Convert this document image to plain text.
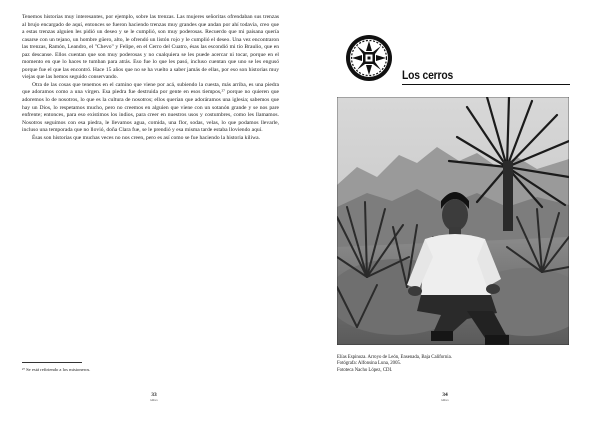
Tenemos historias muy interesantes, por ejemplo, sobre las trenzas. Las mujeres señoritas ofrendaban sus trenzas al brujo encargado de aquí, entonces se fueron haciendo trenzas muy grandes que andan por ahí todavía, creo que a estas trenzas alguien les pidió un deseo y se le cumplió, son muy poderosas. Recuerdo que mi paisana quería casarse con un tejano, un hombre güero, alto, le ofrendó un listón rojo y le cumplió el deseo. Una vez encontraron las trenzas, Ramón, Leandro, el "Chevo" y Felipe, en el Cerro del Cuatro, ésas las escondió mi tío Braulio, que en paz descanse. Ellos cuentan que son muy poderosas y no cualquiera se les puede acercar ni tocar, porque en el momento en que lo haces te tumban para atrás. Eso fue lo que les pasó, incluso cuentan que uno se les engusó porque fue el que las encontró. Hace 15 años que no se ha vuelto a saber jamás de ellas, por eso son historias muy viejas que las hemos seguido conservando.

Otra de las cosas que tenemos en el camino que viene por acá, subiendo la cuesta, más arriba, es una piedra que adoramos como a una virgen. Esa piedra fue destruida por gente en esos tiempos,²⁷ porque no quieren que adoremos lo de nosotros, lo que es la cultura de nosotros; ellos querían que adoráramos una iglesia; sabemos que hay un Dios, lo respetamos mucho, pero no creemos en alguien que viene con un sotanón grande y se nos pare enfrente; entonces, para eso existimos los indios, para creer en nuestros usos y costumbres, como les llamamos. Nosotros seguimos con esa piedra, le llevamos agua, comida, una flor, sodas, velas, lo que podamos llevarle, incluso una temporada que no llovió, doña Clara fue, se le prendió y esa misma tarde estaba lloviendo aquí.

Ésas son historias que muchas veces no nos creen, pero es así como se fue haciendo la historia kiliwa.

²⁷ Se está refiriendo a los misioneros.
33
kiliwa
Los cerros
Elías Espinoza. Arroyo de León, Ensenada, Baja California.
Fotógrafa: Alfonsina Luna, 2005.
Fototeca Nacho López, CDI.
34
kiliwa
